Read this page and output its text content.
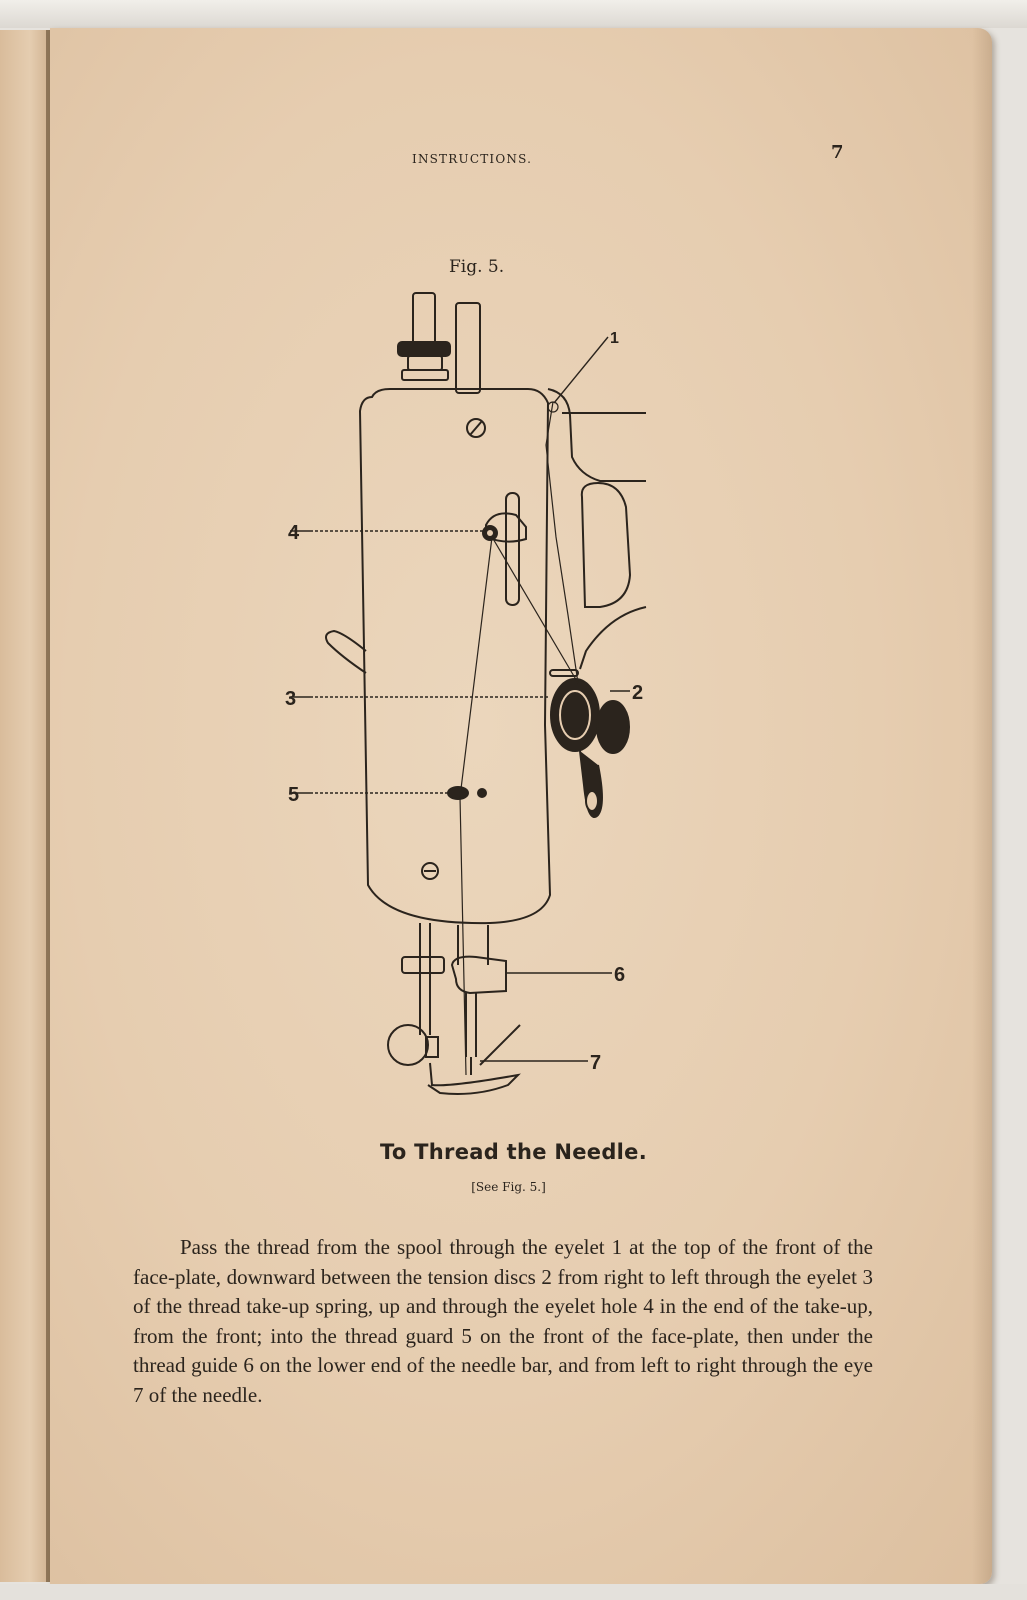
INSTRUCTIONS.	7
Fig. 5.
1
2
3
4
5
6
7
To Thread the Needle.
[See Fig. 5.]

Pass the thread from the spool through the eyelet 1 at the top of the front of the face-plate, downward between the tension discs 2 from right to left through the eyelet 3 of the thread take-up spring, up and through the eyelet hole 4 in the end of the take-up, from the front; into the thread guard 5 on the front of the face-plate, then under the thread guide 6 on the lower end of the needle bar, and from left to right through the eye 7 of the needle.
